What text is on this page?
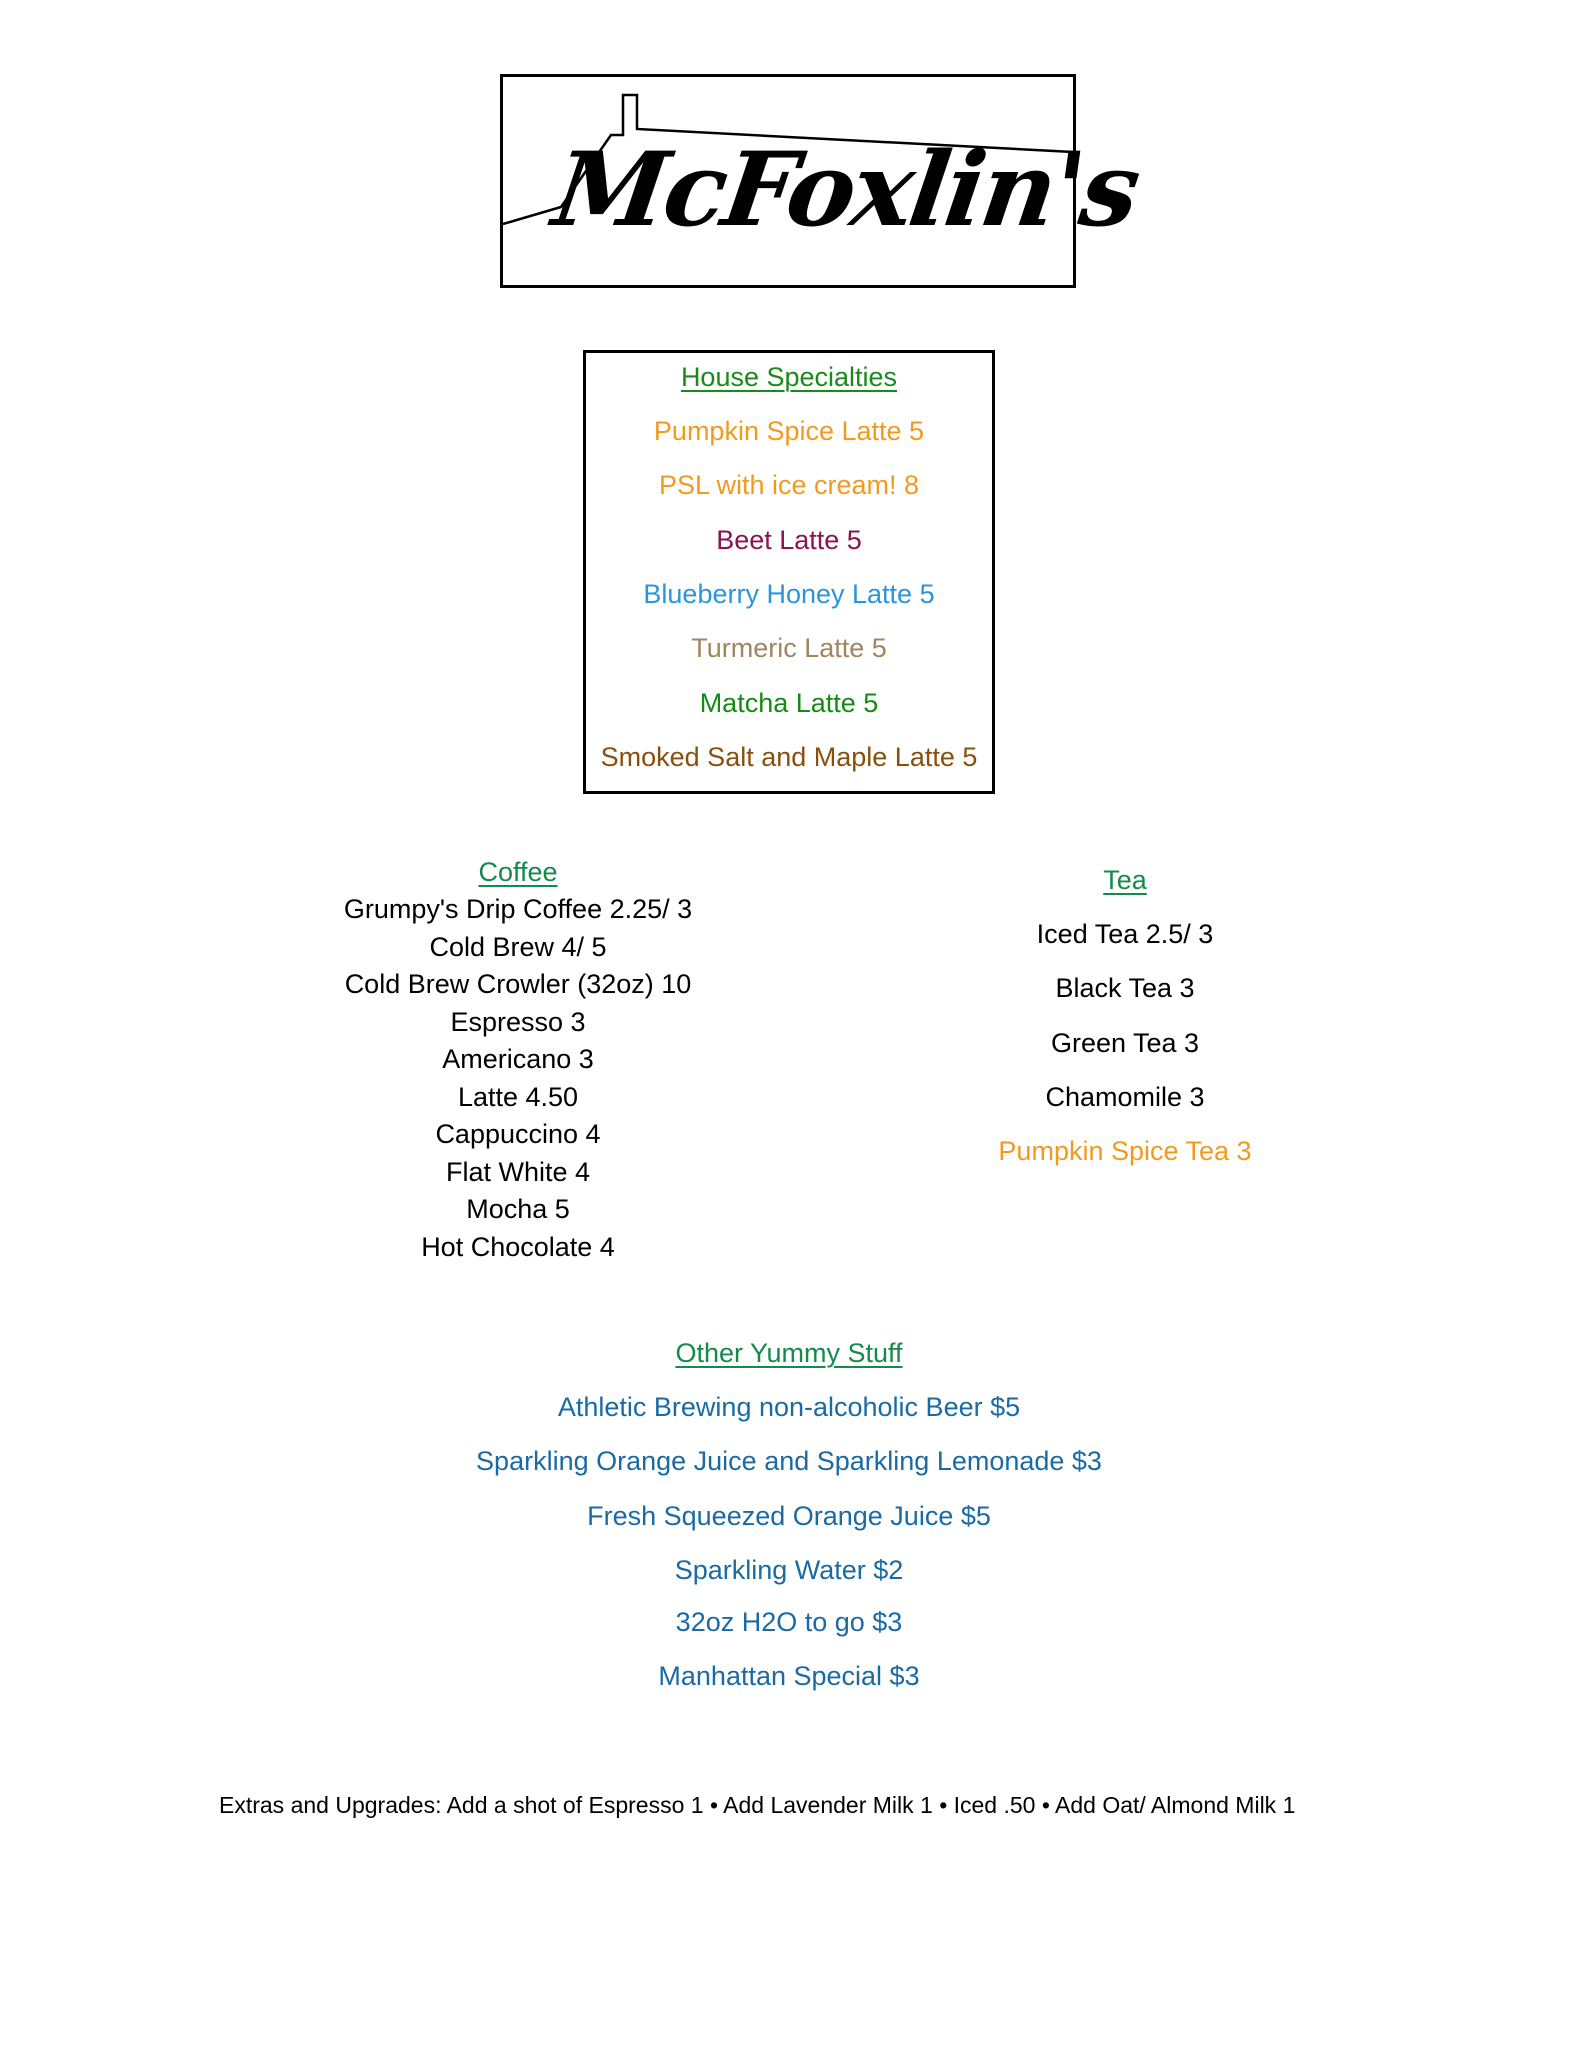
McFoxlin's
House Specialties
Pumpkin Spice Latte 5
PSL with ice cream! 8
Beet Latte 5
Blueberry Honey Latte 5
Turmeric Latte 5
Matcha Latte 5
Smoked Salt and Maple Latte 5
Coffee
Grumpy's Drip Coffee 2.25/ 3
Cold Brew 4/ 5
Cold Brew Crowler (32oz) 10
Espresso 3
Americano 3
Latte 4.50
Cappuccino 4
Flat White 4
Mocha 5
Hot Chocolate 4
Tea
Iced Tea 2.5/ 3
Black Tea 3
Green Tea 3
Chamomile 3
Pumpkin Spice Tea 3
Other Yummy Stuff
Athletic Brewing non-alcoholic Beer $5
Sparkling Orange Juice and Sparkling Lemonade $3
Fresh Squeezed Orange Juice $5
Sparkling Water $2
32oz H2O to go $3
Manhattan Special $3
Extras and Upgrades: Add a shot of Espresso 1 • Add Lavender Milk 1 • Iced .50 • Add Oat/ Almond Milk 1
